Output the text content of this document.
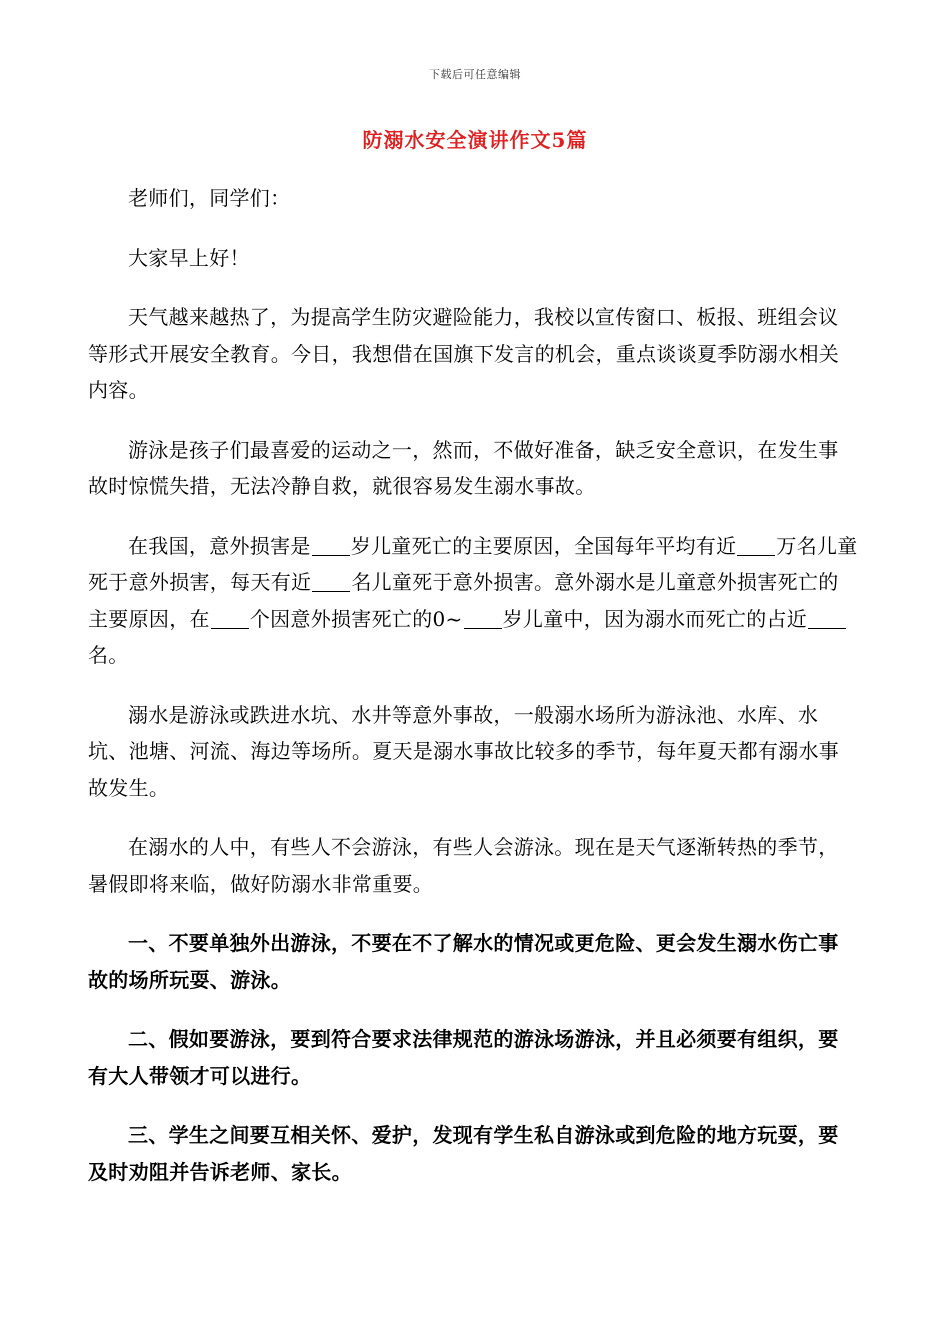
下载后可任意编辑
防溺水安全演讲作文5篇

老师们，同学们：

大家早上好！

天气越来越热了，为提高学生防灾避险能力，我校以宣传窗口、板报、班组会议等形式开展安全教育。今日，我想借在国旗下发言的机会，重点谈谈夏季防溺水相关内容。

游泳是孩子们最喜爱的运动之一，然而，不做好准备，缺乏安全意识，在发生事故时惊慌失措，无法冷静自救，就很容易发生溺水事故。

在我国，意外损害是 岁儿童死亡的主要原因，全国每年平均有近 万名儿童死于意外损害，每天有近 名儿童死于意外损害。意外溺水是儿童意外损害死亡的主要原因，在 个因意外损害死亡的0~ 岁儿童中，因为溺水而死亡的占近名。

溺水是游泳或跌进水坑、水井等意外事故，一般溺水场所为游泳池、水库、水坑、池塘、河流、海边等场所。夏天是溺水事故比较多的季节，每年夏天都有溺水事故发生。

在溺水的人中，有些人不会游泳，有些人会游泳。现在是天气逐渐转热的季节，暑假即将来临，做好防溺水非常重要。

一、不要单独外出游泳，不要在不了解水的情况或更危险、更会发生溺水伤亡事故的场所玩耍、游泳。

二、假如要游泳，要到符合要求法律规范的游泳场游泳，并且必须要有组织，要有大人带领才可以进行。

三、学生之间要互相关怀、爱护，发现有学生私自游泳或到危险的地方玩耍，要及时劝阻并告诉老师、家长。
